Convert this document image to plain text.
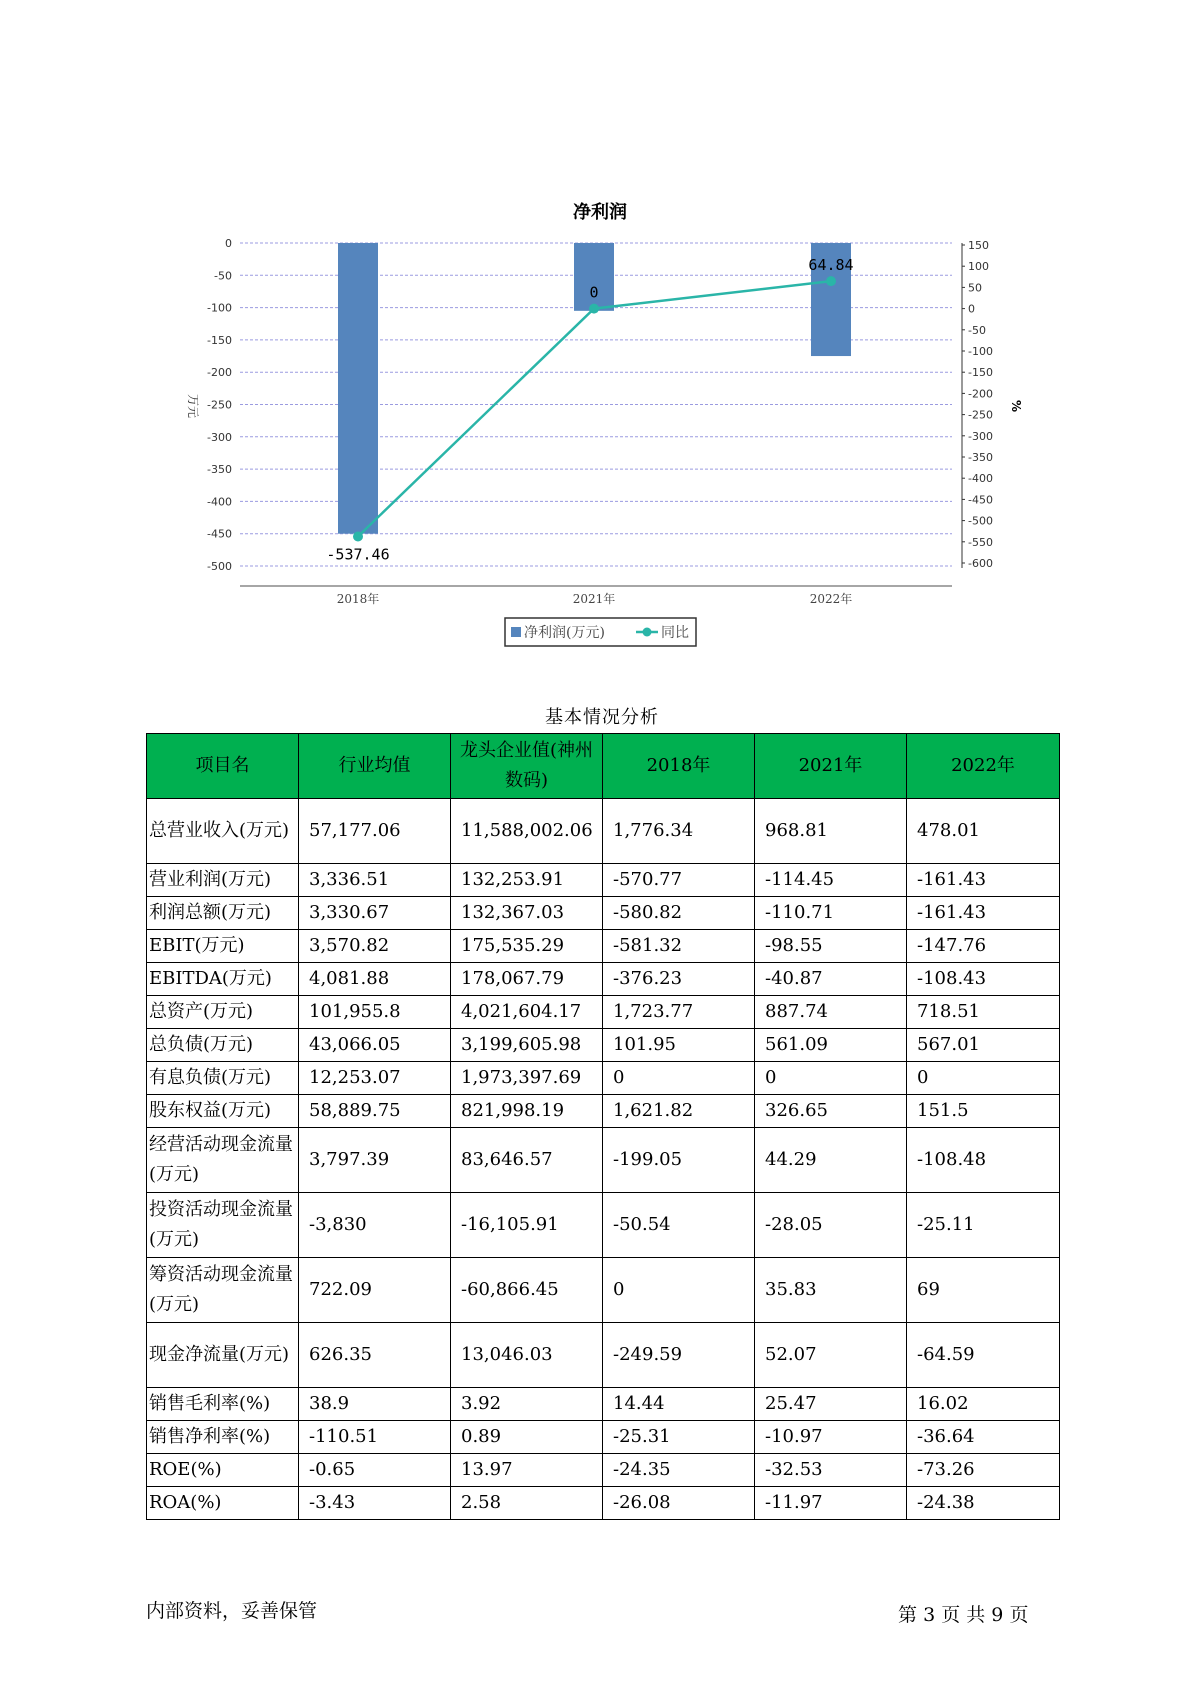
净利润
0
-50
-100
-150
-200
-250
-300
-350
-400
-450
-500
150
100
50
0
-50
-100
-150
-200
-250
-300
-350
-400
-450
-500
-550
-600
万元	%
2018年	2021年	2022年
-537.46
0
64.84
净利润(万元)	同比
基本情况分析
项目名	行业均值	龙头企业值(神州数码)	2018年	2021年	2022年
总营业收入(万元)	57,177.06	11,588,002.06	1,776.34	968.81	478.01
营业利润(万元)	3,336.51	132,253.91	-570.77	-114.45	-161.43
利润总额(万元)	3,330.67	132,367.03	-580.82	-110.71	-161.43
EBIT(万元)	3,570.82	175,535.29	-581.32	-98.55	-147.76
EBITDA(万元)	4,081.88	178,067.79	-376.23	-40.87	-108.43
总资产(万元)	101,955.8	4,021,604.17	1,723.77	887.74	718.51
总负债(万元)	43,066.05	3,199,605.98	101.95	561.09	567.01
有息负债(万元)	12,253.07	1,973,397.69	0	0	0
股东权益(万元)	58,889.75	821,998.19	1,621.82	326.65	151.5
经营活动现金流量(万元)	3,797.39	83,646.57	-199.05	44.29	-108.48
投资活动现金流量(万元)	-3,830	-16,105.91	-50.54	-28.05	-25.11
筹资活动现金流量(万元)	722.09	-60,866.45	0	35.83	69
现金净流量(万元)	626.35	13,046.03	-249.59	52.07	-64.59
销售毛利率(%)	38.9	3.92	14.44	25.47	16.02
销售净利率(%)	-110.51	0.89	-25.31	-10.97	-36.64
ROE(%)	-0.65	13.97	-24.35	-32.53	-73.26
ROA(%)	-3.43	2.58	-26.08	-11.97	-24.38
内部资料，妥善保管	第 3 页 共 9 页
